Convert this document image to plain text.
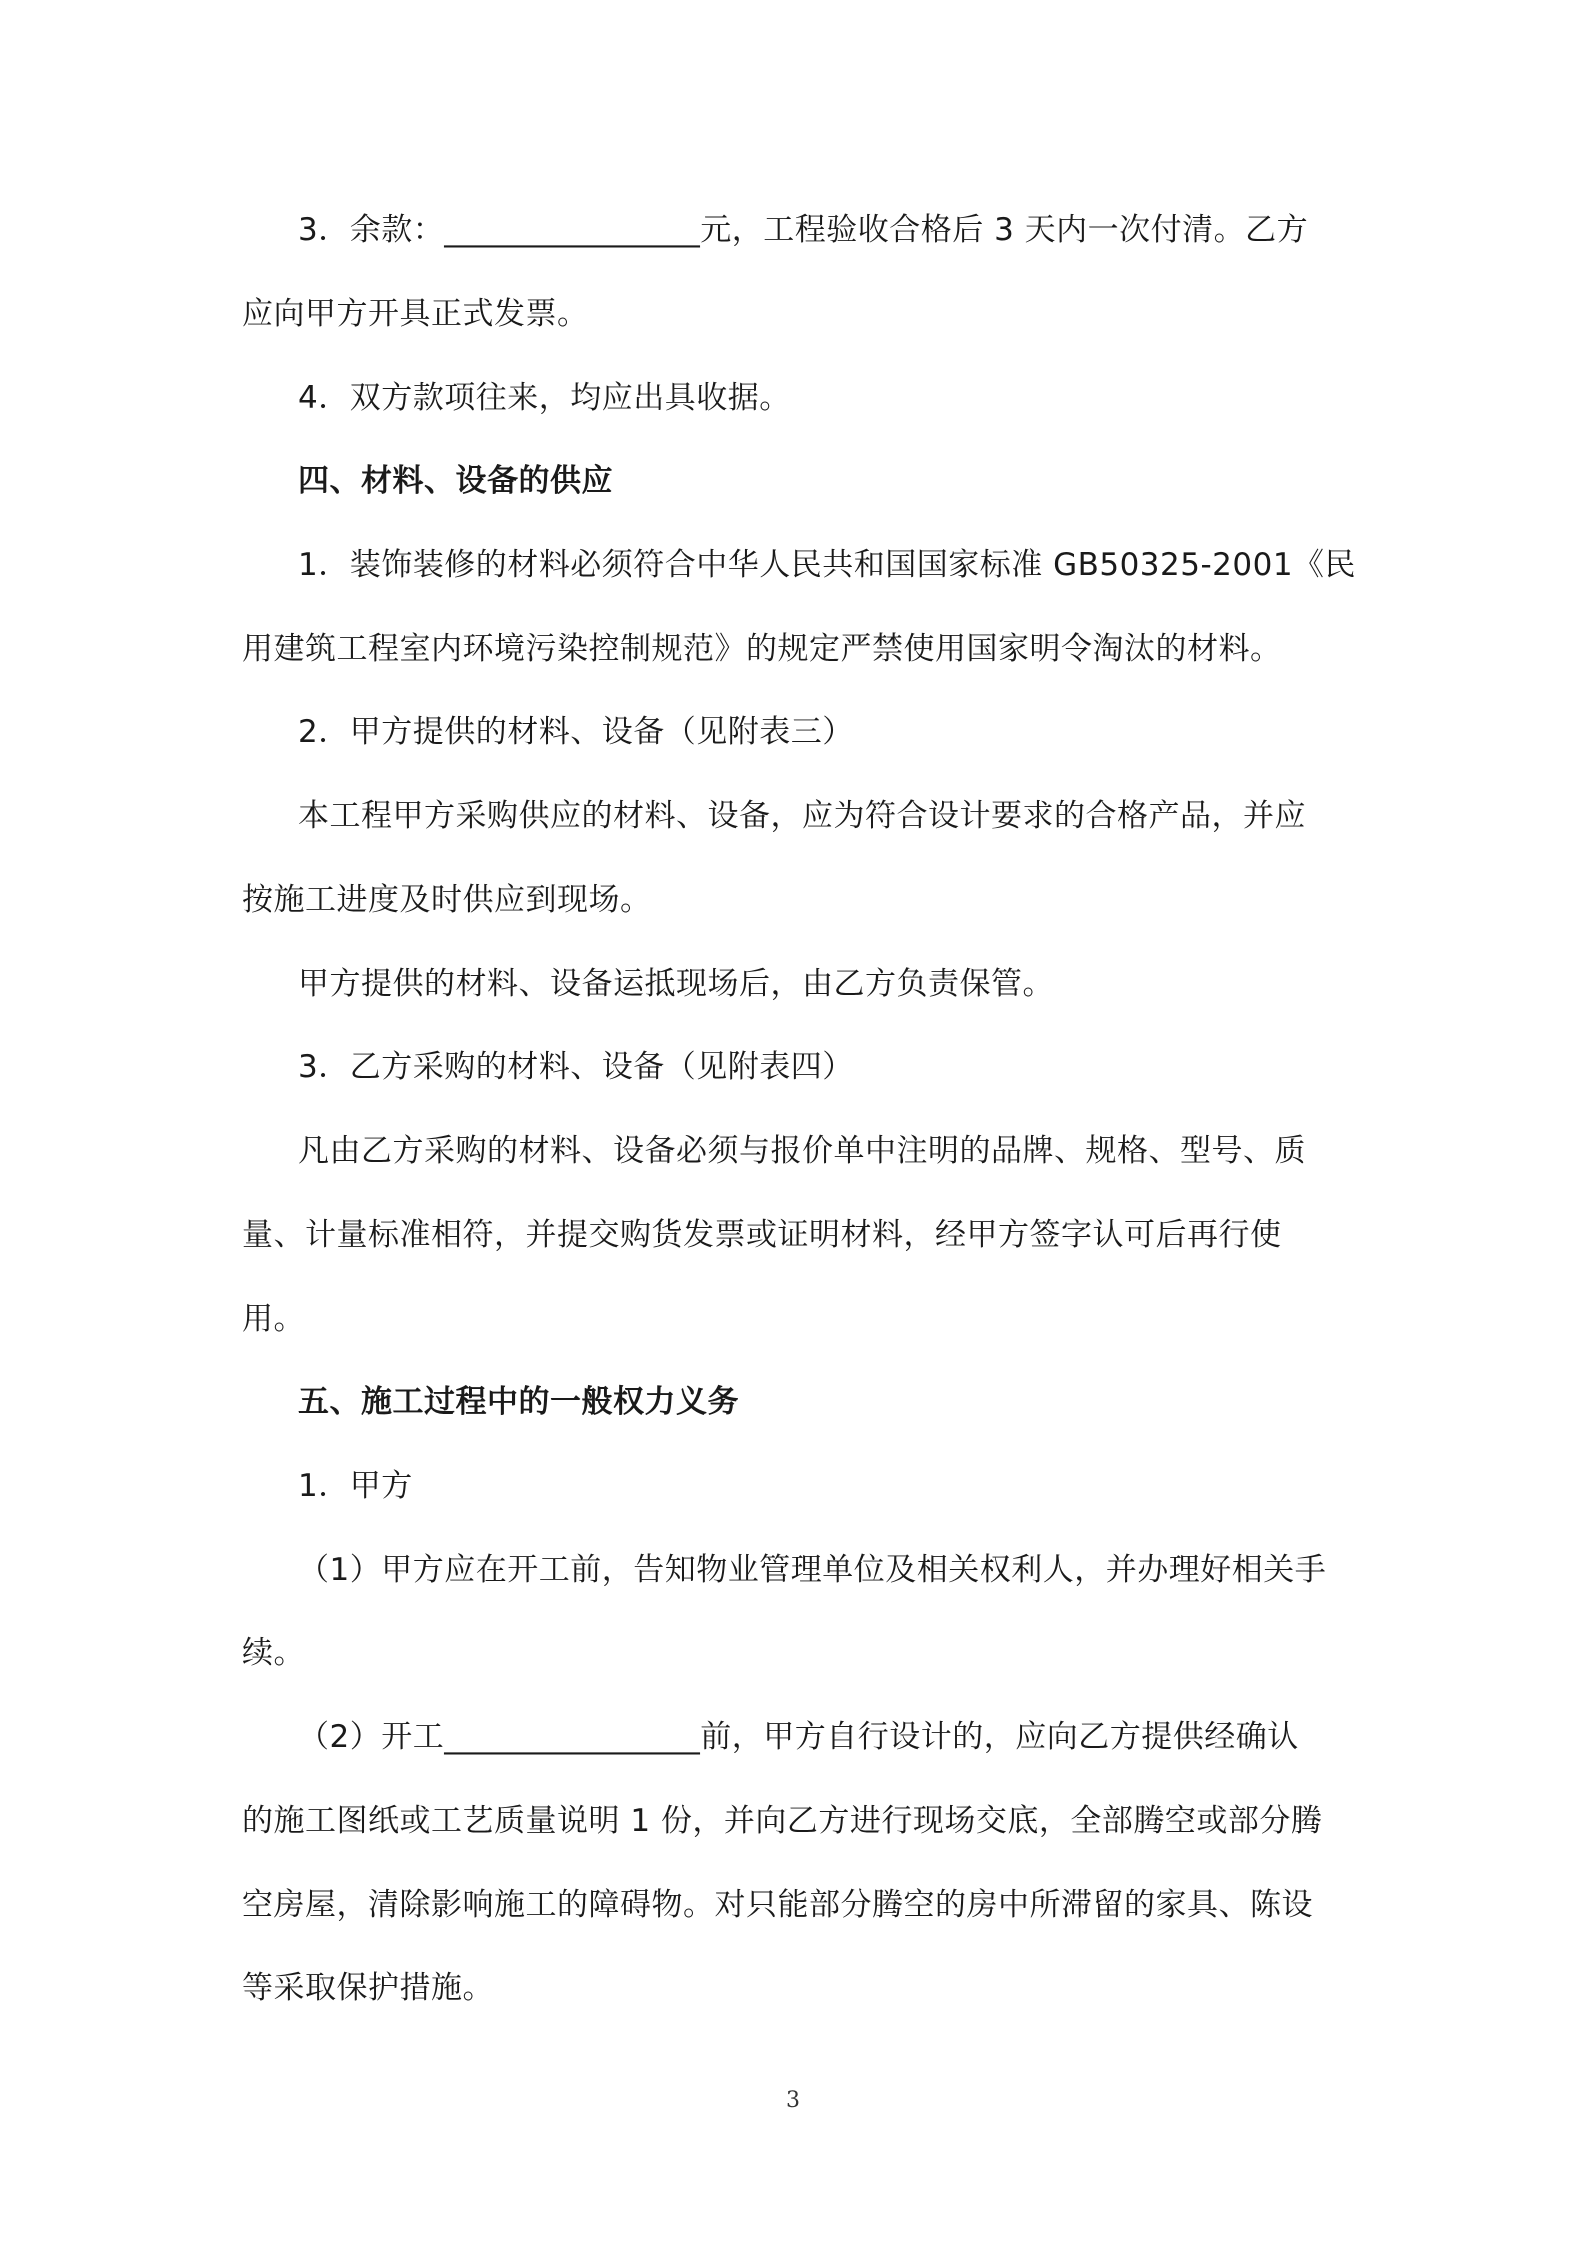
3．余款：________________元，工程验收合格后 3 天内一次付清。乙方
应向甲方开具正式发票。
4．双方款项往来，均应出具收据。
四、材料、设备的供应
1．装饰装修的材料必须符合中华人民共和国国家标准 GB50325-2001《民
用建筑工程室内环境污染控制规范》的规定严禁使用国家明令淘汰的材料。
2．甲方提供的材料、设备（见附表三）
本工程甲方采购供应的材料、设备，应为符合设计要求的合格产品，并应
按施工进度及时供应到现场。
甲方提供的材料、设备运抵现场后，由乙方负责保管。
3．乙方采购的材料、设备（见附表四）
凡由乙方采购的材料、设备必须与报价单中注明的品牌、规格、型号、质
量、计量标准相符，并提交购货发票或证明材料，经甲方签字认可后再行使
用。
五、施工过程中的一般权力义务
1．甲方
（1）甲方应在开工前，告知物业管理单位及相关权利人，并办理好相关手
续。
（2）开工________________前，甲方自行设计的，应向乙方提供经确认
的施工图纸或工艺质量说明 1 份，并向乙方进行现场交底，全部腾空或部分腾
空房屋，清除影响施工的障碍物。对只能部分腾空的房中所滞留的家具、陈设
等采取保护措施。
3
